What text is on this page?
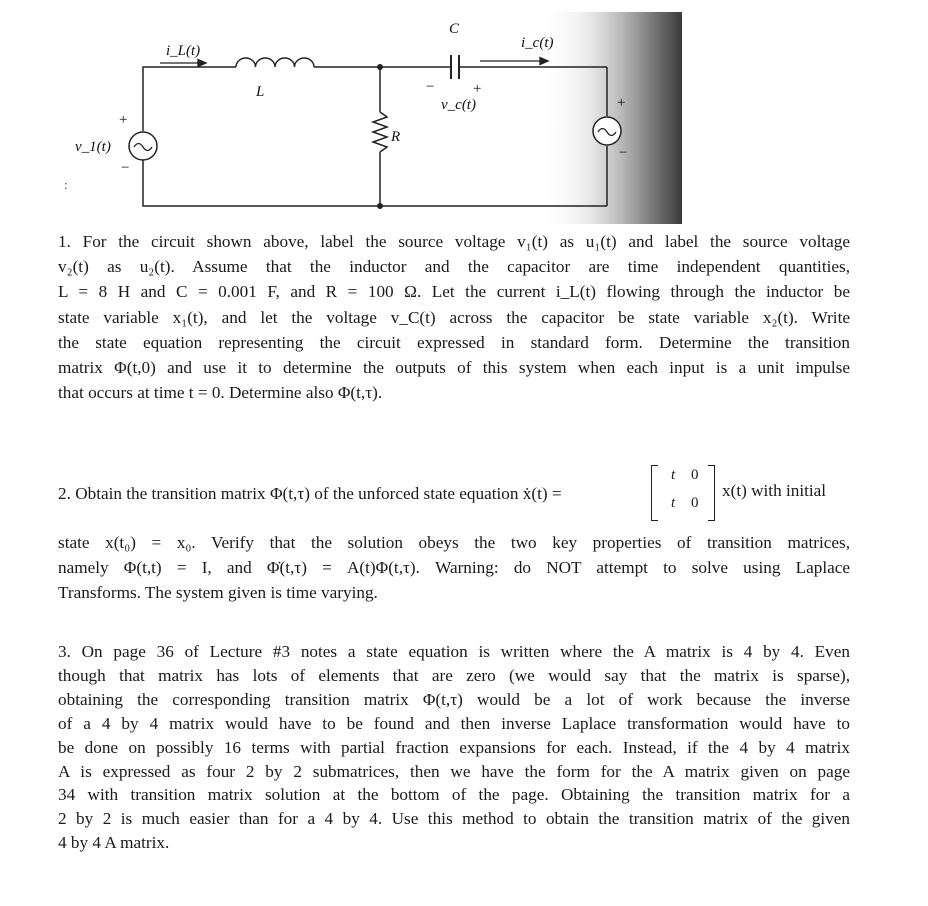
i_L(t)
L
C
i_c(t)
−	+
v_c(t)
R
v_1(t)
+
−
+
−
:
1. For the circuit shown above, label the source voltage v₁(t) as u₁(t) and label the source voltage
v₂(t) as u₂(t). Assume that the inductor and the capacitor are time independent quantities,
L = 8 H and C = 0.001 F, and R = 100 Ω. Let the current i_L(t) flowing through the inductor be
state variable x₁(t), and let the voltage v_C(t) across the capacitor be state variable x₂(t). Write
the state equation representing the circuit expressed in standard form. Determine the transition
matrix Φ(t,0) and use it to determine the outputs of this system when each input is a unit impulse
that occurs at time t = 0. Determine also Φ(t,τ).
2. Obtain the transition matrix Φ(t,τ) of the unforced state equation ẋ(t) =
t 0
t 0
x(t) with initial
state x(t₀) = x₀. Verify that the solution obeys the two key properties of transition matrices,
namely Φ(t,t) = I, and Φ̇(t,τ) = A(t)Φ(t,τ). Warning: do NOT attempt to solve using Laplace
Transforms. The system given is time varying.
3. On page 36 of Lecture #3 notes a state equation is written where the A matrix is 4 by 4. Even
though that matrix has lots of elements that are zero (we would say that the matrix is sparse),
obtaining the corresponding transition matrix Φ(t,τ) would be a lot of work because the inverse
of a 4 by 4 matrix would have to be found and then inverse Laplace transformation would have to
be done on possibly 16 terms with partial fraction expansions for each. Instead, if the 4 by 4 matrix
A is expressed as four 2 by 2 submatrices, then we have the form for the A matrix given on page
34 with transition matrix solution at the bottom of the page. Obtaining the transition matrix for a
2 by 2 is much easier than for a 4 by 4. Use this method to obtain the transition matrix of the given
4 by 4 A matrix.
